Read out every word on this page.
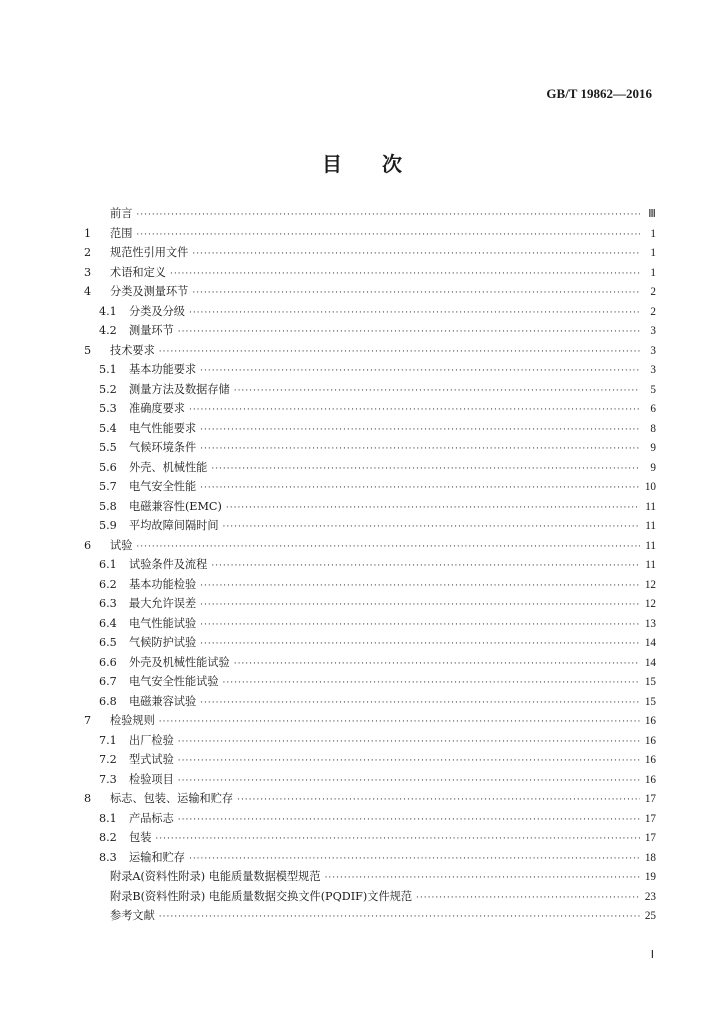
GB/T 19862—2016
目次
前言 ·····	Ⅲ
1	范围 ·····	1
2	规范性引用文件 ·····	1
3	术语和定义 ·····	1
4	分类及测量环节 ·····	2
4.1	分类及分级 ·····	2
4.2	测量环节 ·····	3
5	技术要求 ·····	3
5.1	基本功能要求 ·····	3
5.2	测量方法及数据存储 ·····	5
5.3	准确度要求 ·····	6
5.4	电气性能要求 ·····	8
5.5	气候环境条件 ·····	9
5.6	外壳、机械性能 ·····	9
5.7	电气安全性能 ·····	10
5.8	电磁兼容性(EMC) ·····	11
5.9	平均故障间隔时间 ·····	11
6	试验 ·····	11
6.1	试验条件及流程 ·····	11
6.2	基本功能检验 ·····	12
6.3	最大允许误差 ·····	12
6.4	电气性能试验 ·····	13
6.5	气候防护试验 ·····	14
6.6	外壳及机械性能试验 ·····	14
6.7	电气安全性能试验 ·····	15
6.8	电磁兼容试验 ·····	15
7	检验规则 ·····	16
7.1	出厂检验 ·····	16
7.2	型式试验 ·····	16
7.3	检验项目 ·····	16
8	标志、包装、运输和贮存 ·····	17
8.1	产品标志 ·····	17
8.2	包装 ·····	17
8.3	运输和贮存 ·····	18
附录A(资料性附录) 电能质量数据模型规范 ·····	19
附录B(资料性附录) 电能质量数据交换文件(PQDIF)文件规范 ·····	23
参考文献 ·····	25
Ⅰ
